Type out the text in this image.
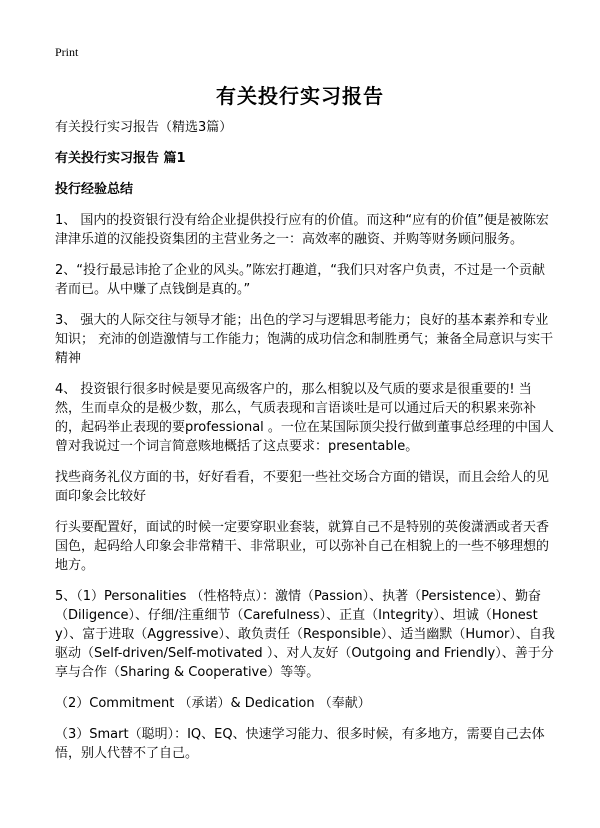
Print
有关投行实习报告

有关投行实习报告（精选3篇）

有关投行实习报告 篇1

投行经验总结

1、 国内的投资银行没有给企业提供投行应有的价值。而这种“应有的价值”便是被陈宏津津乐道的汉能投资集团的主营业务之一：高效率的融资、并购等财务顾问服务。

2、“投行最忌讳抢了企业的风头。”陈宏打趣道，“我们只对客户负责，不过是一个贡献者而已。从中赚了点钱倒是真的。”

3、 强大的人际交往与领导才能；出色的学习与逻辑思考能力；良好的基本素养和专业知识； 充沛的创造激情与工作能力；饱满的成功信念和制胜勇气；兼备全局意识与实干精神

4、 投资银行很多时候是要见高级客户的，那么相貌以及气质的要求是很重要的! 当然，生而卓众的是极少数，那么，气质表现和言语谈吐是可以通过后天的积累来弥补的，起码举止表现的要professional 。一位在某国际顶尖投行做到董事总经理的中国人曾对我说过一个词言简意赅地概括了这点要求：presentable。

找些商务礼仪方面的书，好好看看，不要犯一些社交场合方面的错误，而且会给人的见面印象会比较好

行头要配置好，面试的时候一定要穿职业套装，就算自己不是特别的英俊潇洒或者天香国色，起码给人印象会非常精干、非常职业，可以弥补自己在相貌上的一些不够理想的地方。

5、（1）Personalities （性格特点）：激情（Passion）、执著（Persistence）、勤奋（Diligence）、仔细/注重细节（Carefulness）、正直（Integrity）、坦诚（Honesty）、富于进取（Aggressive）、敢负责任（Responsible）、适当幽默（Humor）、自我驱动（Self-driven/Self-motivated ）、对人友好（Outgoing and Friendly）、善于分享与合作（Sharing & Cooperative）等等。

（2）Commitment （承诺）& Dedication （奉献）

（3）Smart（聪明）：IQ、EQ、快速学习能力、很多时候，有多地方，需要自己去体悟，别人代替不了自己。
